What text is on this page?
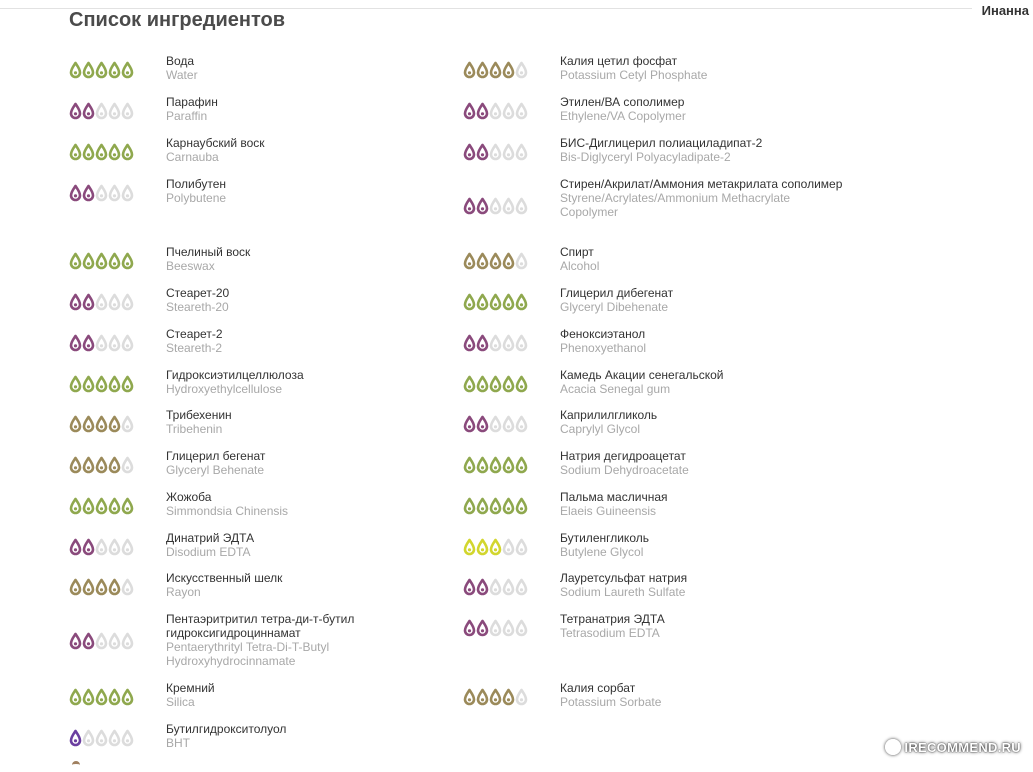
Инанна
Список ингредиентов
Вода
Water
Калия цетил фосфат
Potassium Cetyl Phosphate
Парафин
Paraffin
Этилен/ВА сополимер
Ethylene/VA Copolymer
Карнаубский воск
Carnauba
БИС-Диглицерил полиациладипат-2
Bis-Diglyceryl Polyacyladipate-2
Полибутен
Polybutene
Стирен/Акрилат/Аммония метакрилата сополимер
Styrene/Acrylates/Ammonium Methacrylate Copolymer
Пчелиный воск
Beeswax
Спирт
Alcohol
Стеарет-20
Steareth-20
Глицерил дибегенат
Glyceryl Dibehenate
Стеарет-2
Steareth-2
Феноксиэтанол
Phenoxyethanol
Гидроксиэтилцеллюлоза
Hydroxyethylcellulose
Камедь Акации сенегальской
Acacia Senegal gum
Трибехенин
Tribehenin
Каприлилгликоль
Caprylyl Glycol
Глицерил бегенат
Glyceryl Behenate
Натрия дегидроацетат
Sodium Dehydroacetate
Жожоба
Simmondsia Chinensis
Пальма масличная
Elaeis Guineensis
Динатрий ЭДТА
Disodium EDTA
Бутиленгликоль
Butylene Glycol
Искусственный шелк
Rayon
Лауретсульфат натрия
Sodium Laureth Sulfate
Пентаэритритил тетра-ди-т-бутил гидроксигидроциннамат
Pentaerythrityl Tetra-Di-T-Butyl Hydroxyhydrocinnamate
Тетранатрия ЭДТА
Tetrasodium EDTA
Кремний
Silica
Калия сорбат
Potassium Sorbate
Бутилгидрокситолуол
BHT	IRECOMMEND.RU
